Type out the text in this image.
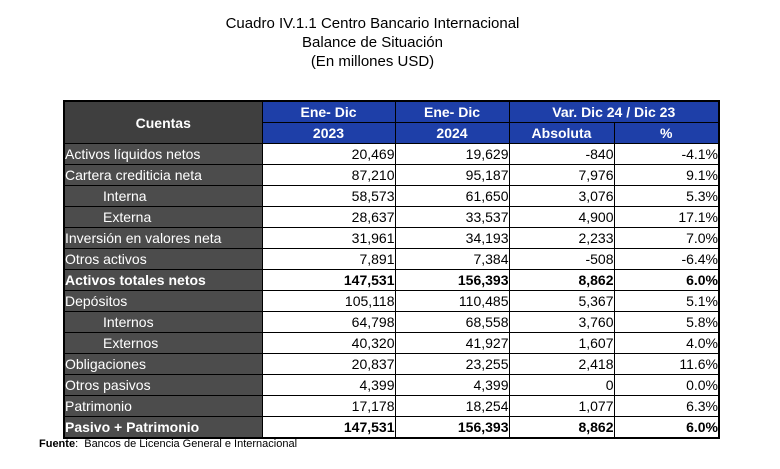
Cuadro IV.1.1 Centro Bancario Internacional
Balance de Situación
(En millones USD)
Cuentas	Ene- Dic	Ene- Dic	Var. Dic 24 / Dic 23	
	2023	2024	Absoluta	%
Activos líquidos netos	20,469	19,629	-840	-4.1%
Cartera crediticia neta	87,210	95,187	7,976	9.1%
Interna	58,573	61,650	3,076	5.3%
Externa	28,637	33,537	4,900	17.1%
Inversión en valores neta	31,961	34,193	2,233	7.0%
Otros activos	7,891	7,384	-508	-6.4%
Activos totales netos	147,531	156,393	8,862	6.0%
Depósitos	105,118	110,485	5,367	5.1%
Internos	64,798	68,558	3,760	5.8%
Externos	40,320	41,927	1,607	4.0%
Obligaciones	20,837	23,255	2,418	11.6%
Otros pasivos	4,399	4,399	0	0.0%
Patrimonio	17,178	18,254	1,077	6.3%
Pasivo + Patrimonio	147,531	156,393	8,862	6.0%
Fuente:  Bancos de Licencia General e Internacional
